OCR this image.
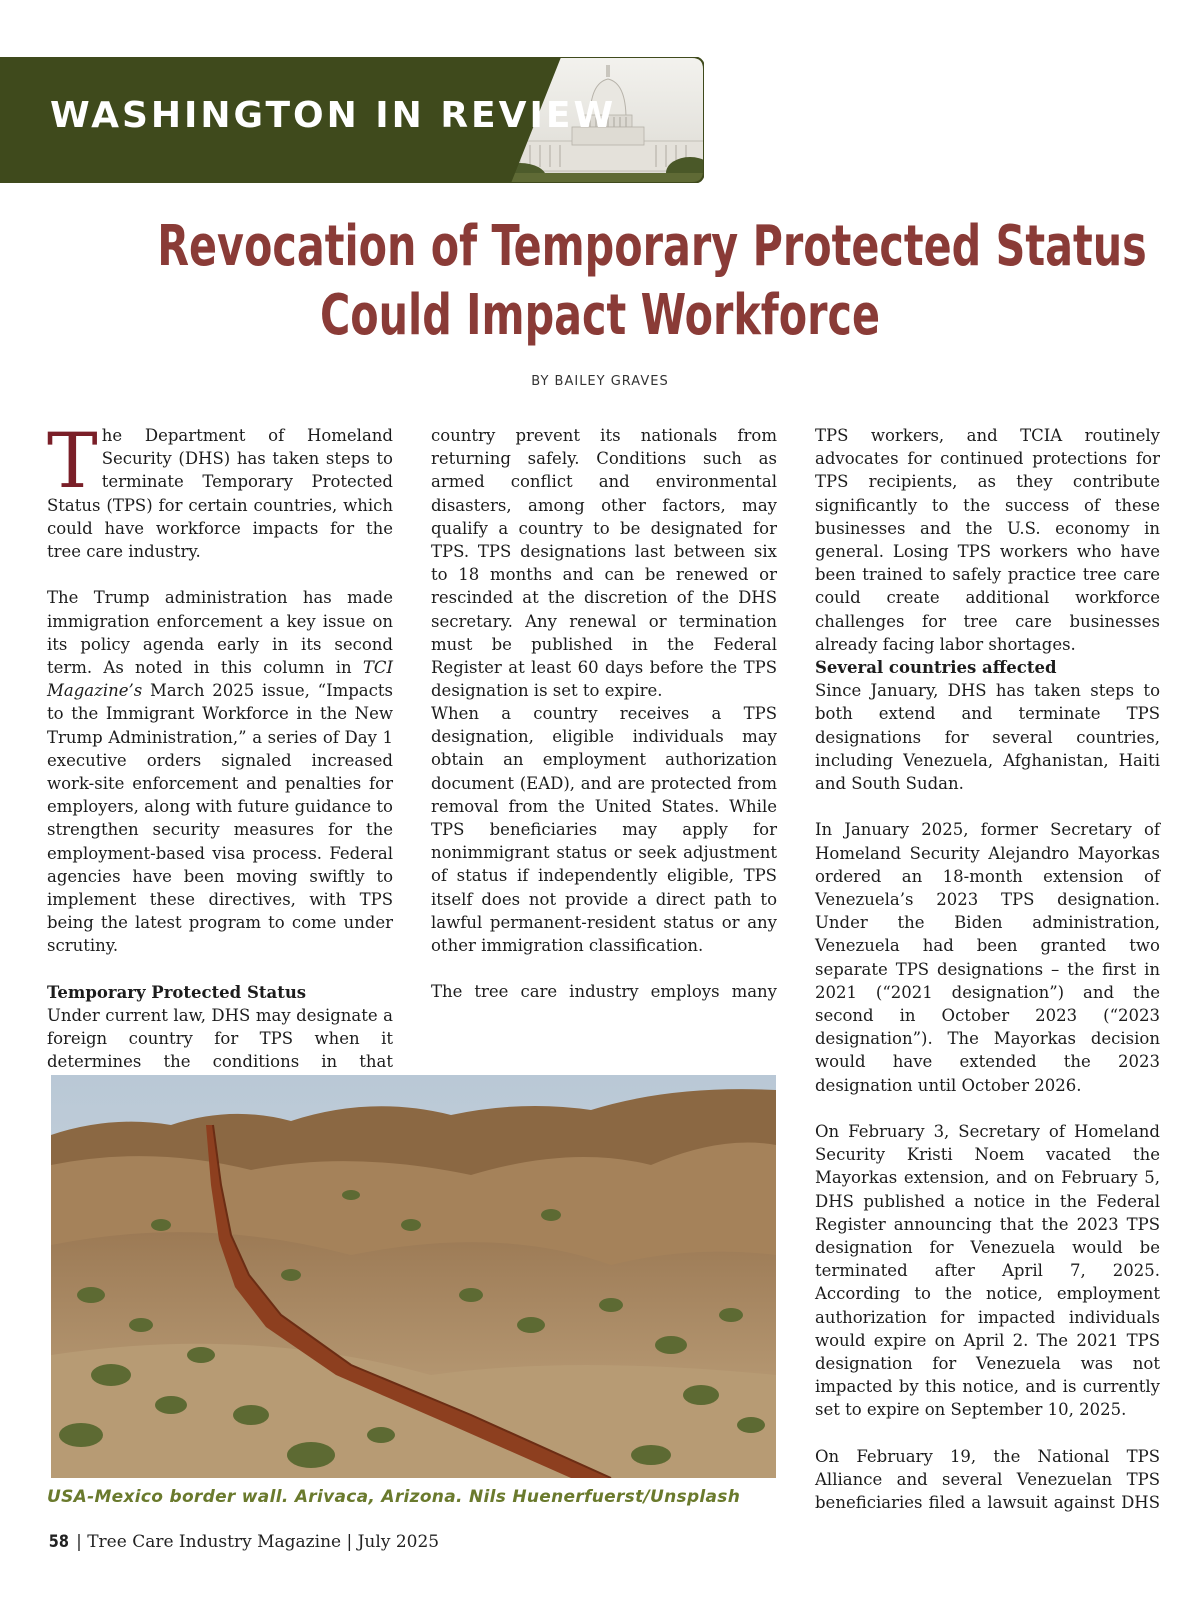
WASHINGTON IN REVIEW
Revocation of Temporary Protected Status
Could Impact Workforce
BY BAILEY GRAVES

The Department of Homeland Security (DHS) has taken steps to terminate Temporary Protected Status (TPS) for certain countries, which could have workforce impacts for the tree care industry.

The Trump administration has made immigration enforcement a key issue on its policy agenda early in its second term. As noted in this column in TCI Magazine’s March 2025 issue, “Impacts to the Immigrant Workforce in the New Trump Administration,” a series of Day 1 executive orders signaled increased work-site enforcement and penalties for employers, along with future guidance to strengthen security measures for the employment-based visa process. Federal agencies have been moving swiftly to implement these directives, with TPS being the latest program to come under scrutiny.

Temporary Protected Status

Under current law, DHS may designate a foreign country for TPS when it determines the conditions in that

country prevent its nationals from returning safely. Conditions such as armed conflict and environmental disasters, among other factors, may qualify a country to be designated for TPS. TPS designations last between six to 18 months and can be renewed or rescinded at the discretion of the DHS secretary. Any renewal or termination must be published in the Federal Register at least 60 days before the TPS designation is set to expire.

When a country receives a TPS designation, eligible individuals may obtain an employment authorization document (EAD), and are protected from removal from the United States. While TPS beneficiaries may apply for nonimmigrant status or seek adjustment of status if independently eligible, TPS itself does not provide a direct path to lawful permanent-resident status or any other immigration classification.

The tree care industry employs many

TPS workers, and TCIA routinely advocates for continued protections for TPS recipients, as they contribute significantly to the success of these businesses and the U.S. economy in general. Losing TPS workers who have been trained to safely practice tree care could create additional workforce challenges for tree care businesses already facing labor shortages.

Several countries affected

Since January, DHS has taken steps to both extend and terminate TPS designations for several countries, including Venezuela, Afghanistan, Haiti and South Sudan.

In January 2025, former Secretary of Homeland Security Alejandro Mayorkas ordered an 18-month extension of Venezuela’s 2023 TPS designation. Under the Biden administration, Venezuela had been granted two separate TPS designations – the first in 2021 (“2021 designation”) and the second in October 2023 (“2023 designation”). The Mayorkas decision would have extended the 2023 designation until October 2026.

On February 3, Secretary of Homeland Security Kristi Noem vacated the Mayorkas extension, and on February 5, DHS published a notice in the Federal Register announcing that the 2023 TPS designation for Venezuela would be terminated after April 7, 2025. According to the notice, employment authorization for impacted individuals would expire on April 2. The 2021 TPS designation for Venezuela was not impacted by this notice, and is currently set to expire on September 10, 2025.

On February 19, the National TPS Alliance and several Venezuelan TPS beneficiaries filed a lawsuit against DHS

USA-Mexico border wall. Arivaca, Arizona. Nils Huenerfuerst/Unsplash
58 | Tree Care Industry Magazine | July 2025
